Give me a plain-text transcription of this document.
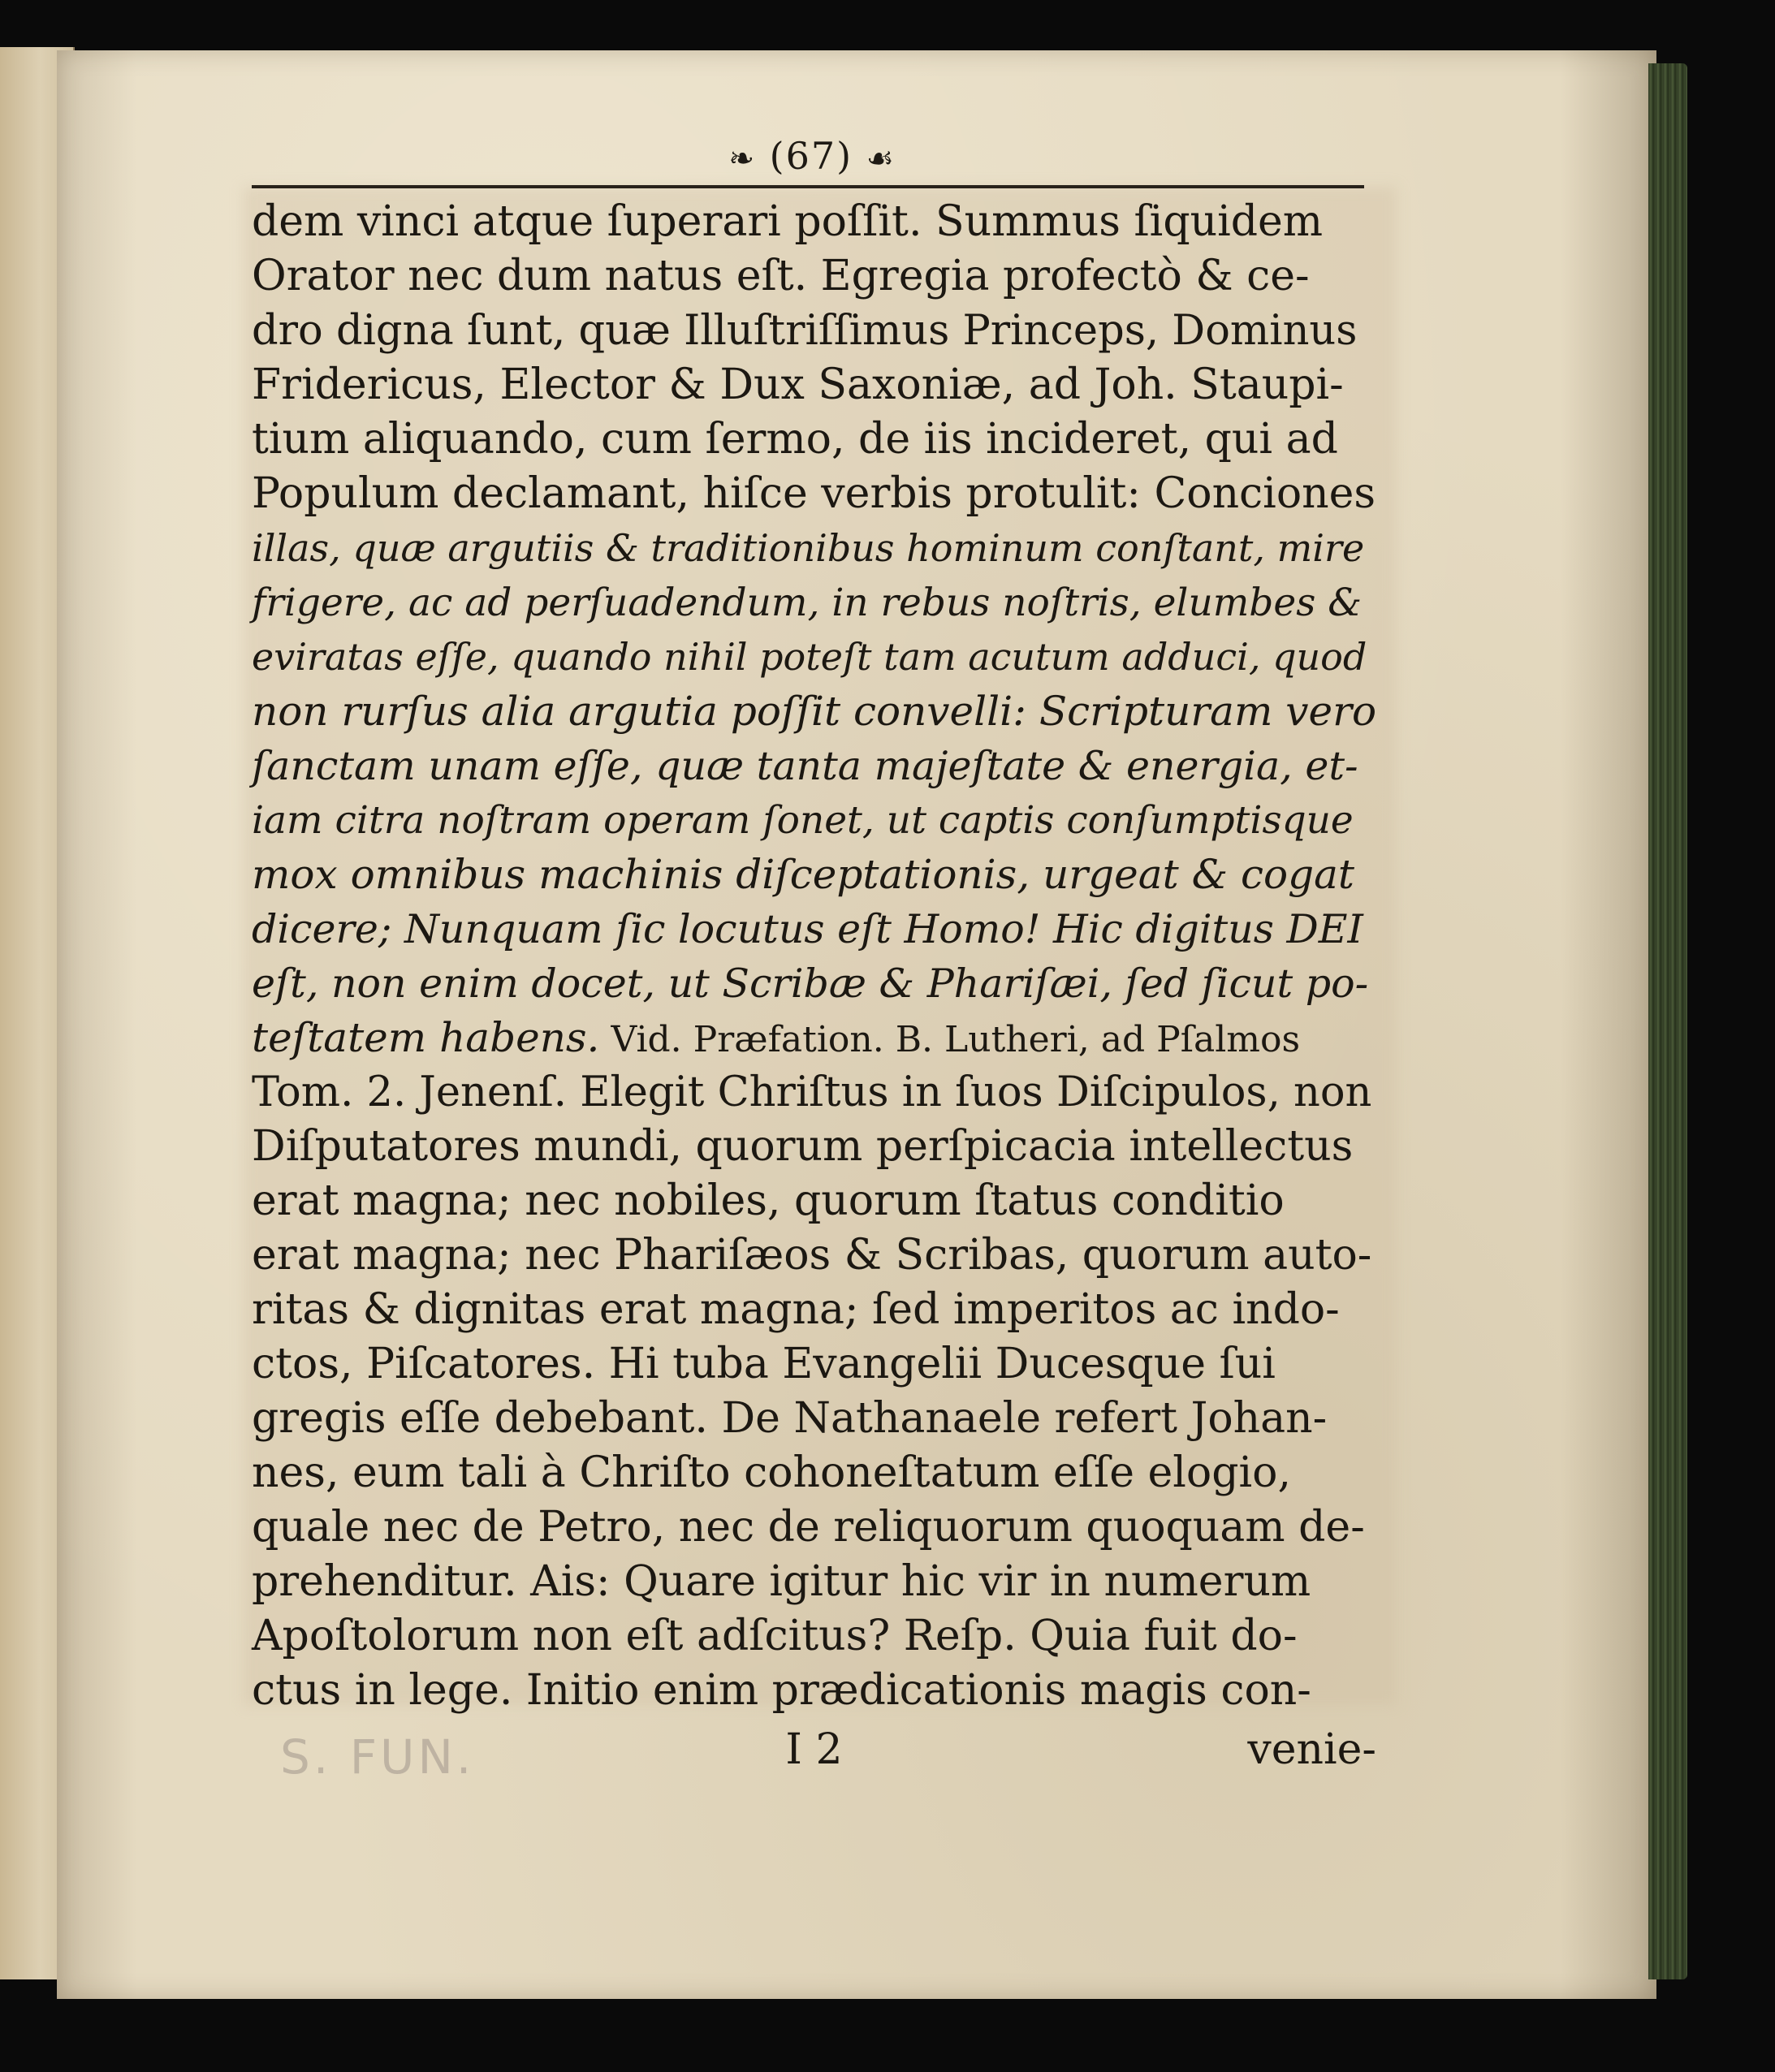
❧ (67) ☙
dem vinci atque ſuperari poſſit. Summus ſiquidem
Orator nec dum natus eſt. Egregia profectò & ce-
dro digna ſunt, quæ Illuſtriſſimus Princeps, Dominus
Fridericus, Elector & Dux Saxoniæ, ad Joh. Staupi-
tium aliquando, cum ſermo, de iis incideret, qui ad
Populum declamant, hiſce verbis protulit: Conciones
illas, quæ argutiis & traditionibus hominum conſtant, mire
frigere, ac ad perſuadendum, in rebus noſtris, elumbes &
eviratas eſſe, quando nihil poteſt tam acutum adduci, quod
non rurſus alia argutia poſſit convelli: Scripturam vero
ſanctam unam eſſe, quæ tanta majeſtate & energia, et-
iam citra noſtram operam ſonet, ut captis conſumptisque
mox omnibus machinis diſceptationis, urgeat & cogat
dicere; Nunquam ſic locutus eſt Homo! Hic digitus DEI
eſt, non enim docet, ut Scribæ & Phariſæi, ſed ſicut po-
teſtatem habens. Vid. Præfation. B. Lutheri, ad Pſalmos
Tom. 2. Jenenſ. Elegit Chriſtus in ſuos Diſcipulos, non
Diſputatores mundi, quorum perſpicacia intellectus
erat magna; nec nobiles, quorum ſtatus conditio
erat magna; nec Phariſæos & Scribas, quorum auto-
ritas & dignitas erat magna; ſed imperitos ac indo-
ctos, Piſcatores. Hi tuba Evangelii Ducesque ſui
gregis eſſe debebant. De Nathanaele refert Johan-
nes, eum tali à Chriſto cohoneſtatum eſſe elogio,
quale nec de Petro, nec de reliquorum quoquam de-
prehenditur. Ais: Quare igitur hic vir in numerum
Apoſtolorum non eſt adſcitus? Reſp. Quia fuit do-
ctus in lege. Initio enim prædicationis magis con-
I 2	venie-
S. FUN.
